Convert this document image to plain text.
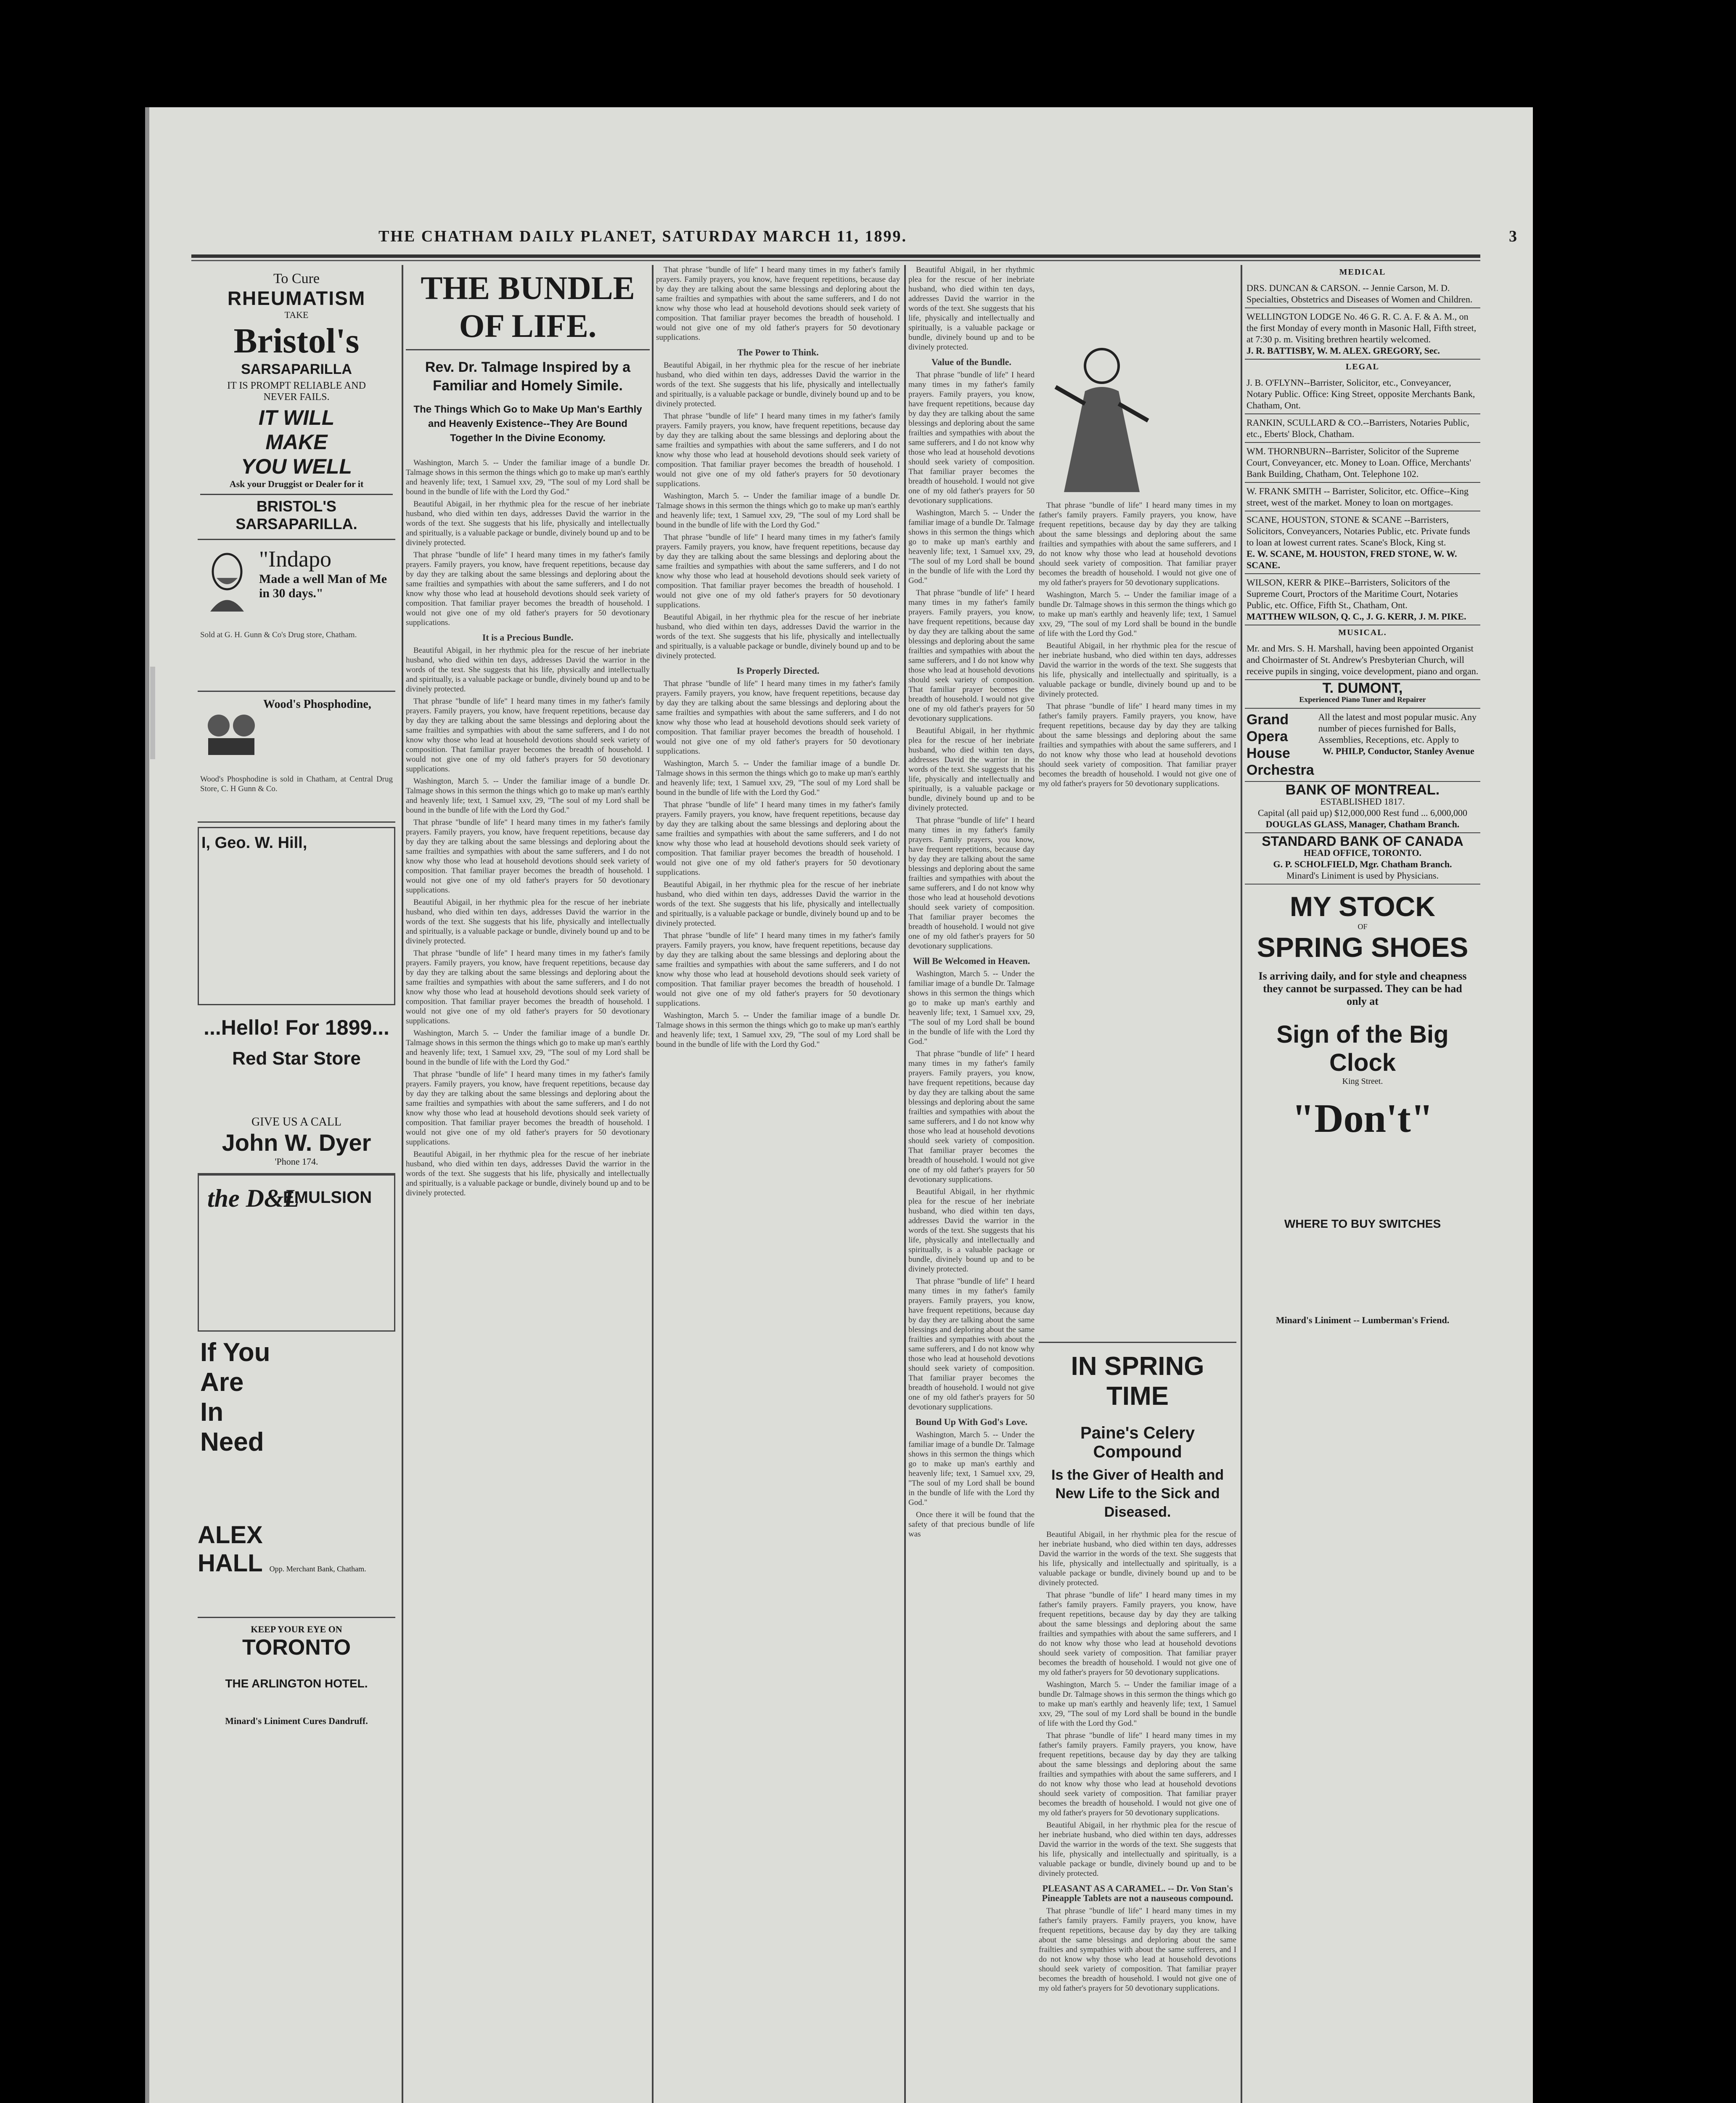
THE CHATHAM DAILY PLANET, SATURDAY MARCH 11, 1899.	3
To Cure
RHEUMATISM
TAKE
Bristol's
SARSAPARILLA
IT IS PROMPT RELIABLE AND NEVER FAILS.
IT WILL
MAKE
YOU WELL
Ask your Druggist or Dealer for it
BRISTOL'S SARSAPARILLA.
"Indapo
Made a well Man of Me in 30 days."
Sold at G. H. Gunn & Co's Drug store, Chatham.
Wood's Phosphodine,
Wood's Phosphodine is sold in Chatham, at Central Drug Store, C. H Gunn & Co.
I, Geo. W. Hill,
...Hello! For 1899...
Red Star Store
GIVE US A CALL
John W. Dyer
'Phone 174.
the D&L
EMULSION
If You
Are
In
Need
ALEX
HALL Opp. Merchant Bank, Chatham.
KEEP YOUR EYE ON TORONTO
THE ARLINGTON HOTEL.
Minard's Liniment Cures Dandruff.
THE BUNDLE OF LIFE.
Rev. Dr. Talmage Inspired by a Familiar and Homely Simile.
The Things Which Go to Make Up Man's Earthly and Heavenly Existence--They Are Bound Together In the Divine Economy.

Washington, March 5. -- Under the familiar image of a bundle Dr. Talmage shows in this sermon the things which go to make up man's earthly and heavenly life; text, 1 Samuel xxv, 29, "The soul of my Lord shall be bound in the bundle of life with the Lord thy God."

Beautiful Abigail, in her rhythmic plea for the rescue of her inebriate husband, who died within ten days, addresses David the warrior in the words of the text. She suggests that his life, physically and intellectually and spiritually, is a valuable package or bundle, divinely bound up and to be divinely protected.

That phrase "bundle of life" I heard many times in my father's family prayers. Family prayers, you know, have frequent repetitions, because day by day they are talking about the same blessings and deploring about the same frailties and sympathies with about the same sufferers, and I do not know why those who lead at household devotions should seek variety of composition. That familiar prayer becomes the breadth of household. I would not give one of my old father's prayers for 50 devotionary supplications.

It is a Precious Bundle.

Beautiful Abigail, in her rhythmic plea for the rescue of her inebriate husband, who died within ten days, addresses David the warrior in the words of the text. She suggests that his life, physically and intellectually and spiritually, is a valuable package or bundle, divinely bound up and to be divinely protected.

That phrase "bundle of life" I heard many times in my father's family prayers. Family prayers, you know, have frequent repetitions, because day by day they are talking about the same blessings and deploring about the same frailties and sympathies with about the same sufferers, and I do not know why those who lead at household devotions should seek variety of composition. That familiar prayer becomes the breadth of household. I would not give one of my old father's prayers for 50 devotionary supplications.

Washington, March 5. -- Under the familiar image of a bundle Dr. Talmage shows in this sermon the things which go to make up man's earthly and heavenly life; text, 1 Samuel xxv, 29, "The soul of my Lord shall be bound in the bundle of life with the Lord thy God."

That phrase "bundle of life" I heard many times in my father's family prayers. Family prayers, you know, have frequent repetitions, because day by day they are talking about the same blessings and deploring about the same frailties and sympathies with about the same sufferers, and I do not know why those who lead at household devotions should seek variety of composition. That familiar prayer becomes the breadth of household. I would not give one of my old father's prayers for 50 devotionary supplications.

Beautiful Abigail, in her rhythmic plea for the rescue of her inebriate husband, who died within ten days, addresses David the warrior in the words of the text. She suggests that his life, physically and intellectually and spiritually, is a valuable package or bundle, divinely bound up and to be divinely protected.

That phrase "bundle of life" I heard many times in my father's family prayers. Family prayers, you know, have frequent repetitions, because day by day they are talking about the same blessings and deploring about the same frailties and sympathies with about the same sufferers, and I do not know why those who lead at household devotions should seek variety of composition. That familiar prayer becomes the breadth of household. I would not give one of my old father's prayers for 50 devotionary supplications.

Washington, March 5. -- Under the familiar image of a bundle Dr. Talmage shows in this sermon the things which go to make up man's earthly and heavenly life; text, 1 Samuel xxv, 29, "The soul of my Lord shall be bound in the bundle of life with the Lord thy God."

That phrase "bundle of life" I heard many times in my father's family prayers. Family prayers, you know, have frequent repetitions, because day by day they are talking about the same blessings and deploring about the same frailties and sympathies with about the same sufferers, and I do not know why those who lead at household devotions should seek variety of composition. That familiar prayer becomes the breadth of household. I would not give one of my old father's prayers for 50 devotionary supplications.

Beautiful Abigail, in her rhythmic plea for the rescue of her inebriate husband, who died within ten days, addresses David the warrior in the words of the text. She suggests that his life, physically and intellectually and spiritually, is a valuable package or bundle, divinely bound up and to be divinely protected.

That phrase "bundle of life" I heard many times in my father's family prayers. Family prayers, you know, have frequent repetitions, because day by day they are talking about the same blessings and deploring about the same frailties and sympathies with about the same sufferers, and I do not know why those who lead at household devotions should seek variety of composition. That familiar prayer becomes the breadth of household. I would not give one of my old father's prayers for 50 devotionary supplications.

The Power to Think.

Beautiful Abigail, in her rhythmic plea for the rescue of her inebriate husband, who died within ten days, addresses David the warrior in the words of the text. She suggests that his life, physically and intellectually and spiritually, is a valuable package or bundle, divinely bound up and to be divinely protected.

That phrase "bundle of life" I heard many times in my father's family prayers. Family prayers, you know, have frequent repetitions, because day by day they are talking about the same blessings and deploring about the same frailties and sympathies with about the same sufferers, and I do not know why those who lead at household devotions should seek variety of composition. That familiar prayer becomes the breadth of household. I would not give one of my old father's prayers for 50 devotionary supplications.

Washington, March 5. -- Under the familiar image of a bundle Dr. Talmage shows in this sermon the things which go to make up man's earthly and heavenly life; text, 1 Samuel xxv, 29, "The soul of my Lord shall be bound in the bundle of life with the Lord thy God."

That phrase "bundle of life" I heard many times in my father's family prayers. Family prayers, you know, have frequent repetitions, because day by day they are talking about the same blessings and deploring about the same frailties and sympathies with about the same sufferers, and I do not know why those who lead at household devotions should seek variety of composition. That familiar prayer becomes the breadth of household. I would not give one of my old father's prayers for 50 devotionary supplications.

Beautiful Abigail, in her rhythmic plea for the rescue of her inebriate husband, who died within ten days, addresses David the warrior in the words of the text. She suggests that his life, physically and intellectually and spiritually, is a valuable package or bundle, divinely bound up and to be divinely protected.

Is Properly Directed.

That phrase "bundle of life" I heard many times in my father's family prayers. Family prayers, you know, have frequent repetitions, because day by day they are talking about the same blessings and deploring about the same frailties and sympathies with about the same sufferers, and I do not know why those who lead at household devotions should seek variety of composition. That familiar prayer becomes the breadth of household. I would not give one of my old father's prayers for 50 devotionary supplications.

Washington, March 5. -- Under the familiar image of a bundle Dr. Talmage shows in this sermon the things which go to make up man's earthly and heavenly life; text, 1 Samuel xxv, 29, "The soul of my Lord shall be bound in the bundle of life with the Lord thy God."

That phrase "bundle of life" I heard many times in my father's family prayers. Family prayers, you know, have frequent repetitions, because day by day they are talking about the same blessings and deploring about the same frailties and sympathies with about the same sufferers, and I do not know why those who lead at household devotions should seek variety of composition. That familiar prayer becomes the breadth of household. I would not give one of my old father's prayers for 50 devotionary supplications.

Beautiful Abigail, in her rhythmic plea for the rescue of her inebriate husband, who died within ten days, addresses David the warrior in the words of the text. She suggests that his life, physically and intellectually and spiritually, is a valuable package or bundle, divinely bound up and to be divinely protected.

That phrase "bundle of life" I heard many times in my father's family prayers. Family prayers, you know, have frequent repetitions, because day by day they are talking about the same blessings and deploring about the same frailties and sympathies with about the same sufferers, and I do not know why those who lead at household devotions should seek variety of composition. That familiar prayer becomes the breadth of household. I would not give one of my old father's prayers for 50 devotionary supplications.

Washington, March 5. -- Under the familiar image of a bundle Dr. Talmage shows in this sermon the things which go to make up man's earthly and heavenly life; text, 1 Samuel xxv, 29, "The soul of my Lord shall be bound in the bundle of life with the Lord thy God."

Beautiful Abigail, in her rhythmic plea for the rescue of her inebriate husband, who died within ten days, addresses David the warrior in the words of the text. She suggests that his life, physically and intellectually and spiritually, is a valuable package or bundle, divinely bound up and to be divinely protected.

Value of the Bundle.

That phrase "bundle of life" I heard many times in my father's family prayers. Family prayers, you know, have frequent repetitions, because day by day they are talking about the same blessings and deploring about the same frailties and sympathies with about the same sufferers, and I do not know why those who lead at household devotions should seek variety of composition. That familiar prayer becomes the breadth of household. I would not give one of my old father's prayers for 50 devotionary supplications.

Washington, March 5. -- Under the familiar image of a bundle Dr. Talmage shows in this sermon the things which go to make up man's earthly and heavenly life; text, 1 Samuel xxv, 29, "The soul of my Lord shall be bound in the bundle of life with the Lord thy God."

That phrase "bundle of life" I heard many times in my father's family prayers. Family prayers, you know, have frequent repetitions, because day by day they are talking about the same blessings and deploring about the same frailties and sympathies with about the same sufferers, and I do not know why those who lead at household devotions should seek variety of composition. That familiar prayer becomes the breadth of household. I would not give one of my old father's prayers for 50 devotionary supplications.

Beautiful Abigail, in her rhythmic plea for the rescue of her inebriate husband, who died within ten days, addresses David the warrior in the words of the text. She suggests that his life, physically and intellectually and spiritually, is a valuable package or bundle, divinely bound up and to be divinely protected.

That phrase "bundle of life" I heard many times in my father's family prayers. Family prayers, you know, have frequent repetitions, because day by day they are talking about the same blessings and deploring about the same frailties and sympathies with about the same sufferers, and I do not know why those who lead at household devotions should seek variety of composition. That familiar prayer becomes the breadth of household. I would not give one of my old father's prayers for 50 devotionary supplications.

Will Be Welcomed in Heaven.

Washington, March 5. -- Under the familiar image of a bundle Dr. Talmage shows in this sermon the things which go to make up man's earthly and heavenly life; text, 1 Samuel xxv, 29, "The soul of my Lord shall be bound in the bundle of life with the Lord thy God."

That phrase "bundle of life" I heard many times in my father's family prayers. Family prayers, you know, have frequent repetitions, because day by day they are talking about the same blessings and deploring about the same frailties and sympathies with about the same sufferers, and I do not know why those who lead at household devotions should seek variety of composition. That familiar prayer becomes the breadth of household. I would not give one of my old father's prayers for 50 devotionary supplications.

Beautiful Abigail, in her rhythmic plea for the rescue of her inebriate husband, who died within ten days, addresses David the warrior in the words of the text. She suggests that his life, physically and intellectually and spiritually, is a valuable package or bundle, divinely bound up and to be divinely protected.

That phrase "bundle of life" I heard many times in my father's family prayers. Family prayers, you know, have frequent repetitions, because day by day they are talking about the same blessings and deploring about the same frailties and sympathies with about the same sufferers, and I do not know why those who lead at household devotions should seek variety of composition. That familiar prayer becomes the breadth of household. I would not give one of my old father's prayers for 50 devotionary supplications.

Bound Up With God's Love.

Washington, March 5. -- Under the familiar image of a bundle Dr. Talmage shows in this sermon the things which go to make up man's earthly and heavenly life; text, 1 Samuel xxv, 29, "The soul of my Lord shall be bound in the bundle of life with the Lord thy God."

Once there it will be found that the safety of that precious bundle of life was

That phrase "bundle of life" I heard many times in my father's family prayers. Family prayers, you know, have frequent repetitions, because day by day they are talking about the same blessings and deploring about the same frailties and sympathies with about the same sufferers, and I do not know why those who lead at household devotions should seek variety of composition. That familiar prayer becomes the breadth of household. I would not give one of my old father's prayers for 50 devotionary supplications.

Washington, March 5. -- Under the familiar image of a bundle Dr. Talmage shows in this sermon the things which go to make up man's earthly and heavenly life; text, 1 Samuel xxv, 29, "The soul of my Lord shall be bound in the bundle of life with the Lord thy God."

Beautiful Abigail, in her rhythmic plea for the rescue of her inebriate husband, who died within ten days, addresses David the warrior in the words of the text. She suggests that his life, physically and intellectually and spiritually, is a valuable package or bundle, divinely bound up and to be divinely protected.

That phrase "bundle of life" I heard many times in my father's family prayers. Family prayers, you know, have frequent repetitions, because day by day they are talking about the same blessings and deploring about the same frailties and sympathies with about the same sufferers, and I do not know why those who lead at household devotions should seek variety of composition. That familiar prayer becomes the breadth of household. I would not give one of my old father's prayers for 50 devotionary supplications.

IN SPRING TIME
Paine's Celery Compound
Is the Giver of Health and New Life to the Sick and Diseased.

Beautiful Abigail, in her rhythmic plea for the rescue of her inebriate husband, who died within ten days, addresses David the warrior in the words of the text. She suggests that his life, physically and intellectually and spiritually, is a valuable package or bundle, divinely bound up and to be divinely protected.

That phrase "bundle of life" I heard many times in my father's family prayers. Family prayers, you know, have frequent repetitions, because day by day they are talking about the same blessings and deploring about the same frailties and sympathies with about the same sufferers, and I do not know why those who lead at household devotions should seek variety of composition. That familiar prayer becomes the breadth of household. I would not give one of my old father's prayers for 50 devotionary supplications.

Washington, March 5. -- Under the familiar image of a bundle Dr. Talmage shows in this sermon the things which go to make up man's earthly and heavenly life; text, 1 Samuel xxv, 29, "The soul of my Lord shall be bound in the bundle of life with the Lord thy God."

That phrase "bundle of life" I heard many times in my father's family prayers. Family prayers, you know, have frequent repetitions, because day by day they are talking about the same blessings and deploring about the same frailties and sympathies with about the same sufferers, and I do not know why those who lead at household devotions should seek variety of composition. That familiar prayer becomes the breadth of household. I would not give one of my old father's prayers for 50 devotionary supplications.

Beautiful Abigail, in her rhythmic plea for the rescue of her inebriate husband, who died within ten days, addresses David the warrior in the words of the text. She suggests that his life, physically and intellectually and spiritually, is a valuable package or bundle, divinely bound up and to be divinely protected.

PLEASANT AS A CARAMEL. -- Dr. Von Stan's Pineapple Tablets are not a nauseous compound.

That phrase "bundle of life" I heard many times in my father's family prayers. Family prayers, you know, have frequent repetitions, because day by day they are talking about the same blessings and deploring about the same frailties and sympathies with about the same sufferers, and I do not know why those who lead at household devotions should seek variety of composition. That familiar prayer becomes the breadth of household. I would not give one of my old father's prayers for 50 devotionary supplications.

MEDICAL
DRS. DUNCAN & CARSON. -- Jennie Carson, M. D. Specialties, Obstetrics and Diseases of Women and Children.
WELLINGTON LODGE No. 46 G. R. C. A. F. & A. M., on the first Monday of every month in Masonic Hall, Fifth street, at 7:30 p. m. Visiting brethren heartily welcomed.
J. R. BATTISBY, W. M. ALEX. GREGORY, Sec.
LEGAL
J. B. O'FLYNN--Barrister, Solicitor, etc., Conveyancer, Notary Public. Office: King Street, opposite Merchants Bank, Chatham, Ont.
RANKIN, SCULLARD & CO.--Barristers, Notaries Public, etc., Eberts' Block, Chatham.
WM. THORNBURN--Barrister, Solicitor of the Supreme Court, Conveyancer, etc. Money to Loan. Office, Merchants' Bank Building, Chatham, Ont. Telephone 102.
W. FRANK SMITH -- Barrister, Solicitor, etc. Office--King street, west of the market. Money to loan on mortgages.
SCANE, HOUSTON, STONE & SCANE --Barristers, Solicitors, Conveyancers, Notaries Public, etc. Private funds to loan at lowest current rates. Scane's Block, King st.
E. W. SCANE, M. HOUSTON, FRED STONE, W. W. SCANE.
WILSON, KERR & PIKE--Barristers, Solicitors of the Supreme Court, Proctors of the Maritime Court, Notaries Public, etc. Office, Fifth St., Chatham, Ont.
MATTHEW WILSON, Q. C., J. G. KERR, J. M. PIKE.
MUSICAL.
Mr. and Mrs. S. H. Marshall, having been appointed Organist and Choirmaster of St. Andrew's Presbyterian Church, will receive pupils in singing, voice development, piano and organ.
T. DUMONT,
Experienced Piano Tuner and Repairer
Grand Opera House Orchestra
All the latest and most popular music. Any number of pieces furnished for Balls, Assemblies, Receptions, etc. Apply to
W. PHILP, Conductor, Stanley Avenue
BANK OF MONTREAL.
ESTABLISHED 1817.
Capital (all paid up) $12,000,000 Rest fund ... 6,000,000
DOUGLAS GLASS, Manager, Chatham Branch.
STANDARD BANK OF CANADA
HEAD OFFICE, TORONTO.
G. P. SCHOLFIELD, Mgr. Chatham Branch.
Minard's Liniment is used by Physicians.
MY STOCK
OF
SPRING SHOES
Is arriving daily, and for style and cheapness they cannot be surpassed. They can be had only at
Sign of the Big Clock
King Street.
"Don't"
WHERE TO BUY SWITCHES
Minard's Liniment -- Lumberman's Friend.
